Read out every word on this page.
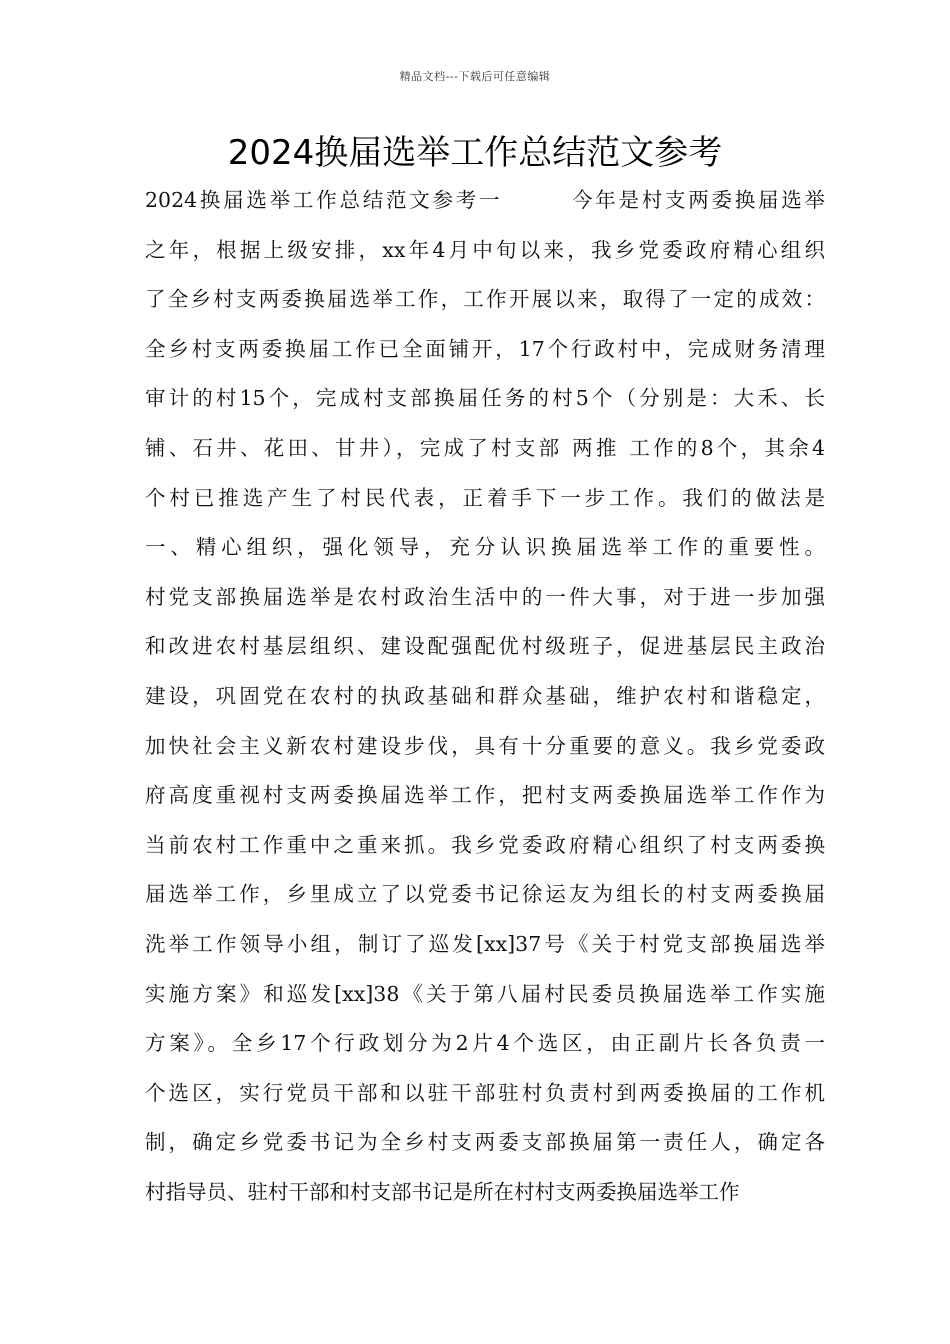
精品文档---下载后可任意编辑
2024换届选举工作总结范文参考
2024换届选举工作总结范文参考一　　　今年是村支两委换届选举
之年，根据上级安排，xx年4月中旬以来，我乡党委政府精心组织
了全乡村支两委换届选举工作，工作开展以来，取得了一定的成效：
全乡村支两委换届工作已全面铺开，17个行政村中，完成财务清理
审计的村15个，完成村支部换届任务的村5个（分别是：大禾、长
铺、石井、花田、甘井），完成了村支部 两推 工作的8个，其余4
个村已推选产生了村民代表，正着手下一步工作。我们的做法是
一、精心组织，强化领导，充分认识换届选举工作的重要性。
村党支部换届选举是农村政治生活中的一件大事，对于进一步加强
和改进农村基层组织、建设配强配优村级班子，促进基层民主政治
建设，巩固党在农村的执政基础和群众基础，维护农村和谐稳定，
加快社会主义新农村建设步伐，具有十分重要的意义。我乡党委政
府高度重视村支两委换届选举工作，把村支两委换届选举工作作为
当前农村工作重中之重来抓。我乡党委政府精心组织了村支两委换
届选举工作，乡里成立了以党委书记徐运友为组长的村支两委换届
洗举工作领导小组，制订了巡发[xx]37号《关于村党支部换届选举
实施方案》和巡发[xx]38《关于第八届村民委员换届选举工作实施
方案》。全乡17个行政划分为2片4个选区，由正副片长各负责一
个选区，实行党员干部和以驻干部驻村负责村到两委换届的工作机
制，确定乡党委书记为全乡村支两委支部换届第一责任人，确定各
村指导员、驻村干部和村支部书记是所在村村支两委换届选举工作
